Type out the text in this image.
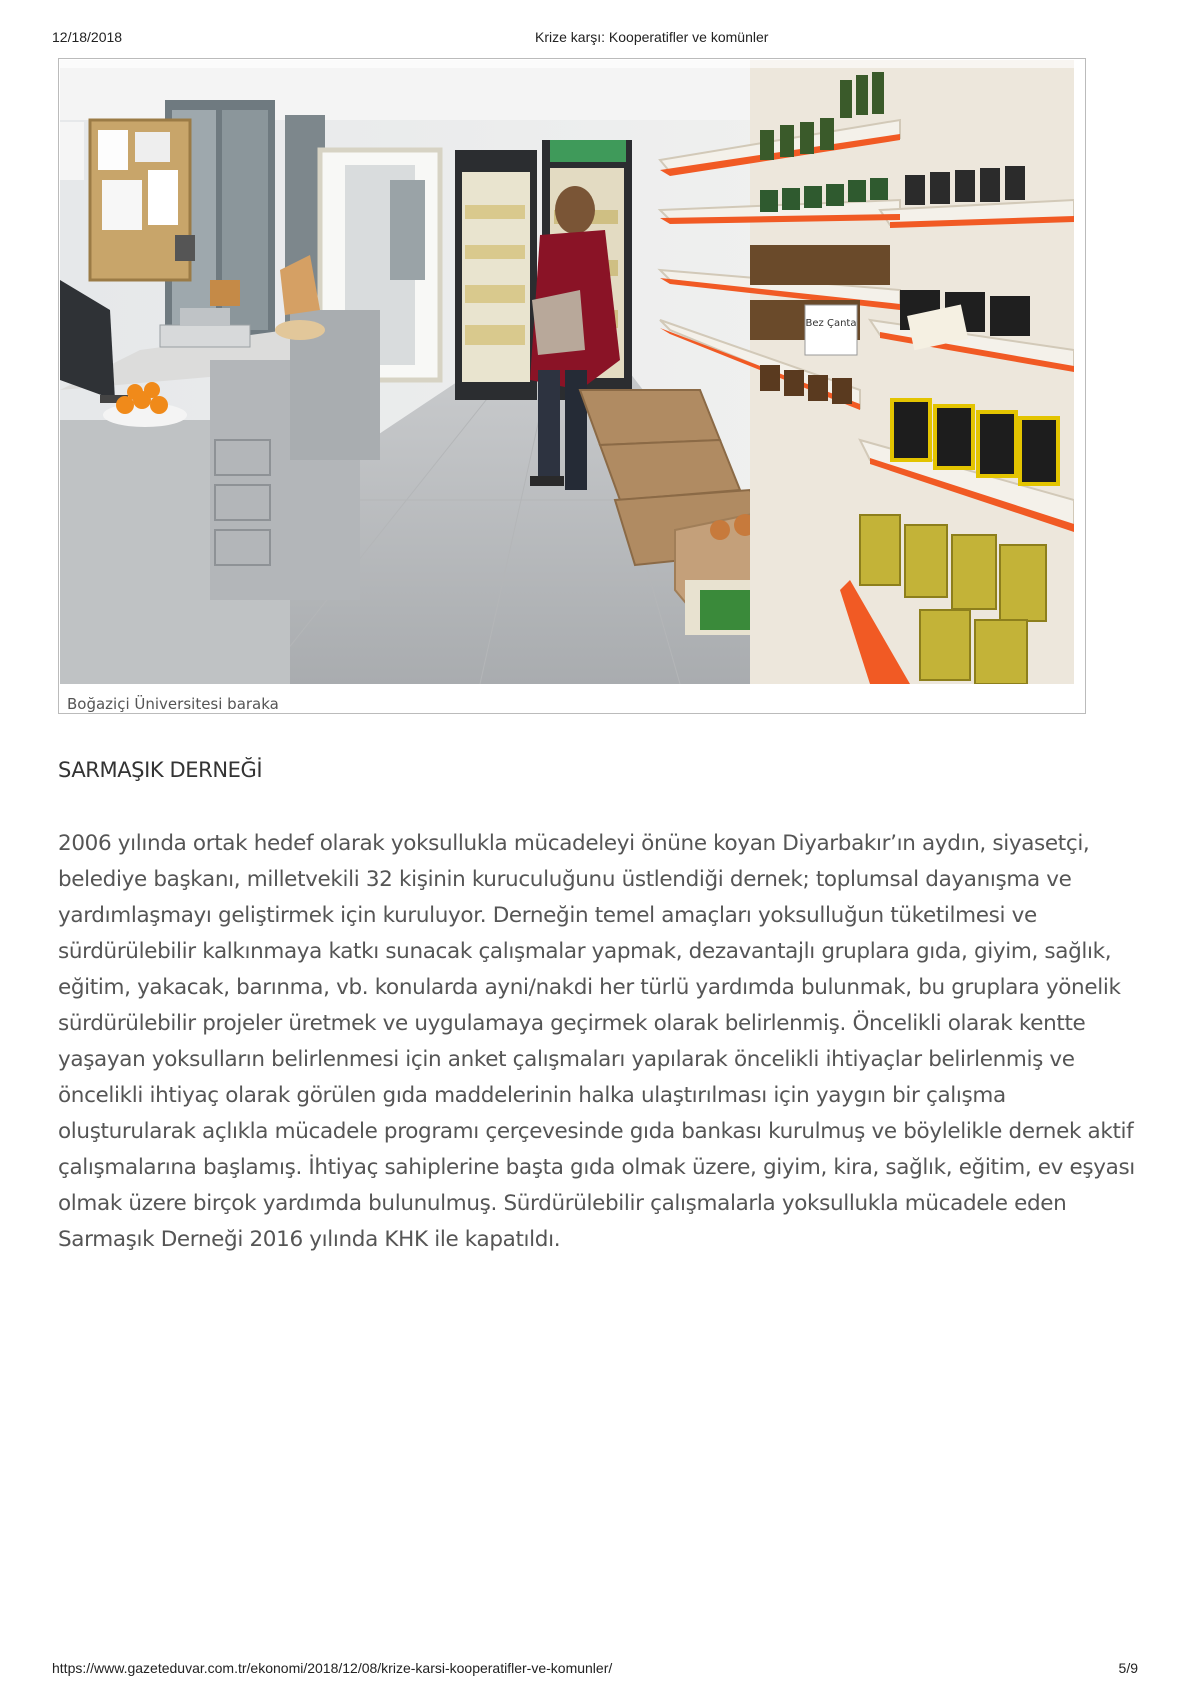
12/18/2018	Krize karşı: Kooperatifler ve komünler
Bez Çanta
Boğaziçi Üniversitesi baraka
SARMAŞIK DERNEĞİ

2006 yılında ortak hedef olarak yoksullukla mücadeleyi önüne koyan Diyarbakır’ın aydın, siyasetçi, belediye başkanı, milletvekili 32 kişinin kuruculuğunu üstlendiği dernek; toplumsal dayanışma ve yardımlaşmayı geliştirmek için kuruluyor. Derneğin temel amaçları yoksulluğun tüketilmesi ve sürdürülebilir kalkınmaya katkı sunacak çalışmalar yapmak, dezavantajlı gruplara gıda, giyim, sağlık, eğitim, yakacak, barınma, vb. konularda ayni/nakdi her türlü yardımda bulunmak, bu gruplara yönelik sürdürülebilir projeler üretmek ve uygulamaya geçirmek olarak belirlenmiş. Öncelikli olarak kentte yaşayan yoksulların belirlenmesi için anket çalışmaları yapılarak öncelikli ihtiyaçlar belirlenmiş ve öncelikli ihtiyaç olarak görülen gıda maddelerinin halka ulaştırılması için yaygın bir çalışma oluşturularak açlıkla mücadele programı çerçevesinde gıda bankası kurulmuş ve böylelikle dernek aktif çalışmalarına başlamış. İhtiyaç sahiplerine başta gıda olmak üzere, giyim, kira, sağlık, eğitim, ev eşyası olmak üzere birçok yardımda bulunulmuş. Sürdürülebilir çalışmalarla yoksullukla mücadele eden Sarmaşık Derneği 2016 yılında KHK ile kapatıldı.

https://www.gazeteduvar.com.tr/ekonomi/2018/12/08/krize-karsi-kooperatifler-ve-komunler/	5/9
